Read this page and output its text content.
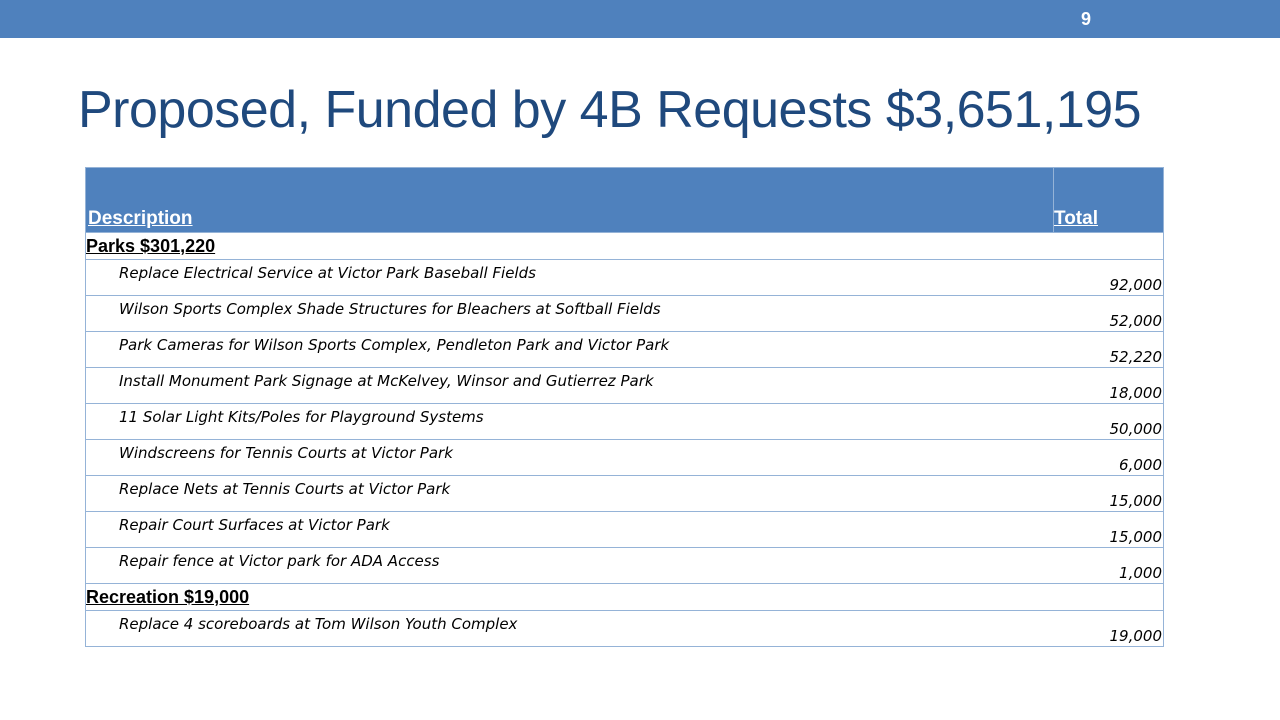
9
Proposed, Funded by 4B Requests $3,651,195
Description	Total
Parks $301,220	
Replace Electrical Service at Victor Park Baseball Fields	92,000
Wilson Sports Complex Shade Structures for Bleachers at Softball Fields	52,000
Park Cameras for Wilson Sports Complex, Pendleton Park and Victor Park	52,220
Install Monument Park Signage at McKelvey, Winsor and Gutierrez Park	18,000
11 Solar Light Kits/Poles for Playground Systems	50,000
Windscreens for Tennis Courts at Victor Park	6,000
Replace Nets at Tennis Courts at Victor Park	15,000
Repair Court Surfaces at Victor Park	15,000
Repair fence at Victor park for ADA Access	1,000
Recreation $19,000	
Replace 4 scoreboards at Tom Wilson Youth Complex	19,000
